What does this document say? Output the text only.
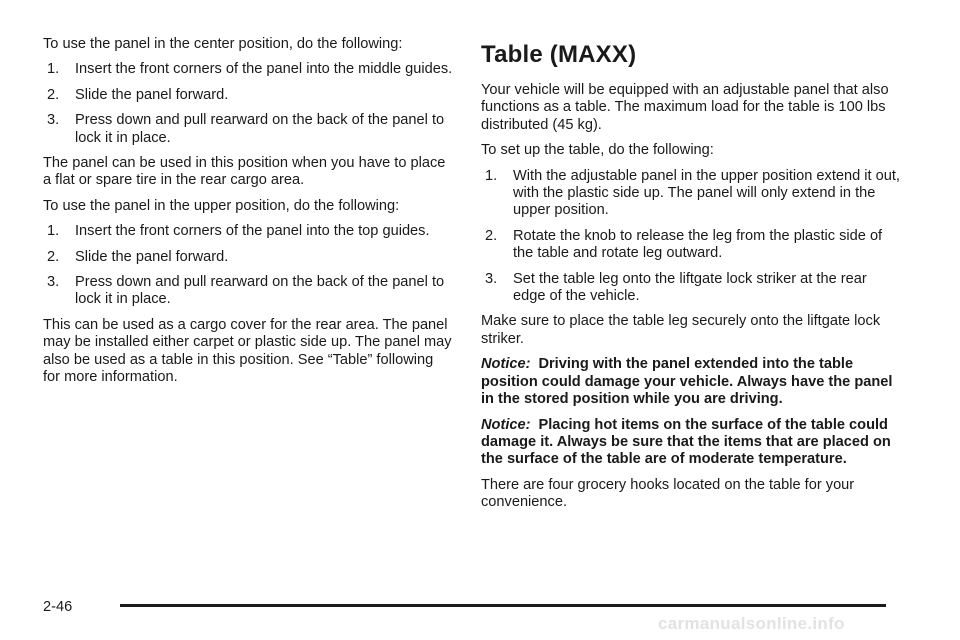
To use the panel in the center position, do the following:

1. Insert the front corners of the panel into the middle guides.
2. Slide the panel forward.
3. Press down and pull rearward on the back of the panel to lock it in place.

The panel can be used in this position when you have to place a flat or spare tire in the rear cargo area.

To use the panel in the upper position, do the following:

1. Insert the front corners of the panel into the top guides.
2. Slide the panel forward.
3. Press down and pull rearward on the back of the panel to lock it in place.

This can be used as a cargo cover for the rear area. The panel may be installed either carpet or plastic side up. The panel may also be used as a table in this position. See “Table” following for more information.

Table (MAXX)

Your vehicle will be equipped with an adjustable panel that also functions as a table. The maximum load for the table is 100 lbs distributed (45 kg).

To set up the table, do the following:

1. With the adjustable panel in the upper position extend it out, with the plastic side up. The panel will only extend in the upper position.
2. Rotate the knob to release the leg from the plastic side of the table and rotate leg outward.
3. Set the table leg onto the liftgate lock striker at the rear edge of the vehicle.

Make sure to place the table leg securely onto the liftgate lock striker.

Notice: Driving with the panel extended into the table position could damage your vehicle. Always have the panel in the stored position while you are driving.

Notice: Placing hot items on the surface of the table could damage it. Always be sure that the items that are placed on the surface of the table are of moderate temperature.

There are four grocery hooks located on the table for your convenience.

2-46
carmanualsonline.info
